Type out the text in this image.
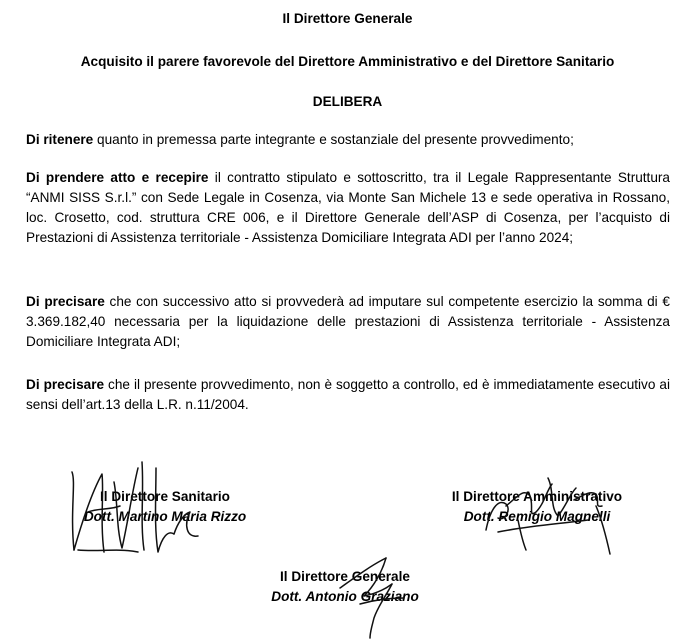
Il Direttore Generale
Acquisito il parere favorevole del Direttore Amministrativo e del Direttore Sanitario
DELIBERA
Di ritenere quanto in premessa parte integrante e sostanziale del presente provvedimento;
Di prendere atto e recepire il contratto stipulato e sottoscritto, tra il Legale Rappresentante Struttura “ANMI SISS S.r.l.” con Sede Legale in Cosenza, via Monte San Michele 13 e sede operativa in Rossano, loc. Crosetto, cod. struttura CRE 006, e il Direttore Generale dell’ASP di Cosenza, per l’acquisto di Prestazioni di Assistenza territoriale - Assistenza Domiciliare Integrata ADI per l’anno 2024;
Di precisare che con successivo atto si provvederà ad imputare sul competente esercizio la somma di € 3.369.182,40 necessaria per la liquidazione delle prestazioni di Assistenza territoriale - Assistenza Domiciliare Integrata ADI;
Di precisare che il presente provvedimento, non è soggetto a controllo, ed è immediatamente esecutivo ai sensi dell’art.13 della L.R. n.11/2004.
Il Direttore Sanitario
Dott. Martino Maria Rizzo
Il Direttore Amministrativo
Dott. Remigio Magnelli
Il Direttore Generale
Dott. Antonio Graziano
